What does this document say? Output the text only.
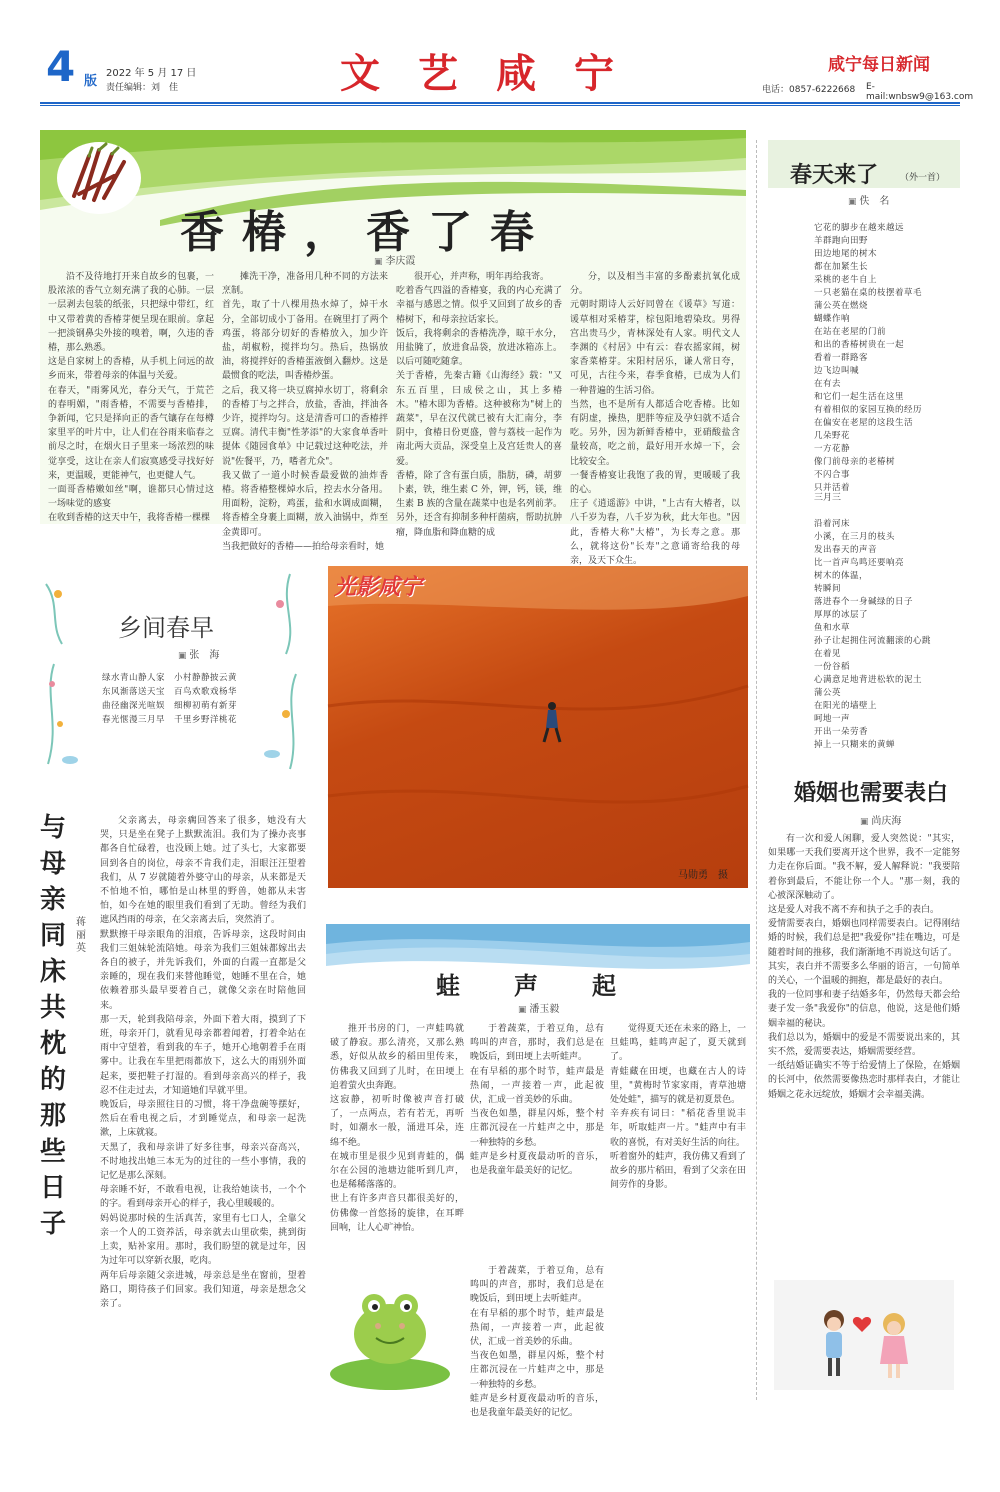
4 版
2022 年 5 月 17 日
责任编辑：刘　佳	文艺咸宁	咸宁每日新闻
电话：0857-6222668 E-mail:wnbsw9@163.com
香椿，香了春
▣ 李庆霞
沿不及待地打开来自故乡的包裹，一股浓浓的香气立刻充满了我的心肺。一层一层剥去包装的纸张，只把绿中带红，红中又带着黄的香椿芽便呈现在眼前。拿起一把淡钢鼻尖外接的嗅着，啊，久违的香椿，那么熟悉。
这是自家树上的香椿，从手机上问远的故乡而来，带着母亲的体温与关爱。
在春天，"雨雾风光，春分天气，于荒芒的春明媚，"雨香椿，不需要与香椿排，争新闻，它只是择向正的香气镶存在每樽家里平的叶片中，让人们在谷雨来临春之前尽之时，在烟火日子里来一场浓烈的味觉享受，这让在亲人们寂寞感受寻找好好来，更温暖，更能神气，也更健人气。
一面哥香椿嫩如丝"啊，谁都只心情过这一场味觉的感宴
在收到香椿的这天中午，我将香椿一棵棵
摊洗干净，准备用几种不同的方法来烹制。
首先，取了十八棵用热水焯了，焯干水分，全部切成小丁备用。在碗里打了两个鸡蛋，将部分切好的香椿放入，加少许盐，胡椒粉，搅拌均匀。热后，热锅放油，将搅拌好的香椿蛋液倒入翻炒。这是最惯食的吃法，叫香椿炒蛋。
之后，我又将一块豆腐掉水切丁，将剩余的香椿丁与之拌合，放盐，香油，拌油各少许，搅拌均匀。这是清香可口的香椿拌豆腐。清代丰衡"性茅添"的大家食单香叶提体《随园食单》中记载过这种吃法，并说"佐餐平，乃，嗜者尤众"。
我又做了一道小时候香最爱做的油炸香椿。将香椿整棵焯水后，控去水分备用。用面粉，淀粉，鸡蛋，盐和水调成面糊，将香椿全身裹上面糊，放入油锅中，炸至金黄即可。
当我把做好的香椿——拍给母亲看时，她
很开心，并声称，明年再给我寄。
吃着香气四溢的香椿宴，我的内心充满了幸福与感恩之情。似乎又回到了故乡的香椿树下，和母亲拉话家长。
饭后，我将剩余的香椿洗净，晾干水分，用盐腌了，放进食品袋，放进冰箱冻上。以后可随吃随拿。
关于香椿，先秦古籍《山海经》载："又东五百里，曰成侯之山，其上多椿木。"椿木即为香椿。这种被称为"树上的蔬菜"，早在汉代就已被有大汇南分，李阴中，食椿日份更盛，曾与荔枝一起作为南北两大贡品，深受皇上及宫廷贵人的喜爱。
香椿，除了含有蛋白质，脂肪，磷，胡萝卜素，铁，维生素 C 外，钾，钙，镁，维生素 B 族的含量在蔬菜中也是名列前茅。另外，还含有抑制多种杆菌病，帮助抗肿瘤，降血脂和降血糖的成
分，以及相当丰富的多酚素抗氧化成分。
元朝时期诗人云好同曾在《谖草》写道：谖草相对采椿芽，棕包阳地碧染玫。男得宫出贵马少，青林深处有人家。明代文人李渊的《村居》中有云：春农摇家闹，树家香菜椿芽。宋阳村居乐，谦人常日夸，可见，古往今来，春季食椿，已成为人们一种普遍的生活习俗。
当然，也不是所有人都适合吃香椿。比如有阴虚，操热，肥胖等症及孕妇就不适合吃。另外，因为新鲜香椿中，亚硝酸盐含量较高，吃之前，最好用开水焯一下，会比较安全。
一餐香椿宴让我饱了我的胃，更暖暖了我的心。
庄子《逍遥游》中讲，"上古有大椿者，以八千岁为春，八千岁为秋，此大年也。"因此，香椿大称"大椿"，为长寿之意。那么，就将这份"长寿"之意诵寄给我的母亲，及天下众生。
春天来了 （外一首）
▣ 佚　名
它花的脚步在越来越远
羊群跑向田野
田边地尾的树木
都在加紧生长
采桃的老牛自上
一只老猫在桌的枝摆着草毛
蒲公英在燃烧
蝴蝶作响
在站在老屋的门前
和出的香椿树贵在一起
看着一群路客
边飞边叫喊
在有去
和它们一起生活在这里
有着相似的家园互换的经历
在偏安在老屋的这段生活
几朵野花
一方花静
像门前母亲的老椿树
不闪合事
只并活着
三月三
沿着河床
小溪，在三月的枝头
发出春天的声音
比一首声鸟鸣还要响亮
树木的体温，
转瞬间
落进春个一身碱绿的日子
厚厚的冰层了
鱼和水草
孙子让起拥住河流翻滚的心跳
在着见
一份谷稻
心满意足地背进松软的泥土
蒲公英
在阳光的墙壁上
呵地一声
开出一朵劳香
掉上一只糊来的黄蝉
乡间春早
▣ 张　海
绿水青山静人家　小村静静披云黄
东风渐落送天宝　百鸟欢歌戏杨华
曲径幽深光喧娱　细柳初萌有新芽
春光惬漫三月早　千里乡野洋桃花
光影咸宁
马勋勇　摄
与母亲同床共枕的那些日子
蒋丽英
父亲离去，母亲瘸回答来了很多，她没有大哭，只是坐在凳子上默默流泪。我们为了操办丧事都各自忙碌着，也没顾上她。过了头七，大家都要回到各自的岗位，母亲不肯我们走，泪眼汪汪望着我们，从 7 岁就随着外婆守山的母亲，从来都是天不怕地不怕，哪怕是山林里的野兽，她都从未害怕，如今在她的眼里我们看到了无助。曾经为我们遮风挡雨的母亲，在父亲离去后，突然消了。
默默擦干母亲眼角的泪痕，告诉母亲，这段时间由我们三姐妹轮流陪她。母亲为我们三姐妹都嫁出去各自的被子，并先诉我们，外面的白霞一直都是父亲睡的，现在我们来替他睡觉，她睡不里在合，她依赖着那头最早要着自己，就像父亲在时陪他回来。
那一天，轮到我陪母亲，外面下着大雨，摸到了下班，母亲开门，就看见母亲都着闻着，打着伞站在雨中守望着，看到我的车子，她开心地朝着手在雨雾中。让我在车里把雨都放下，这么大的雨别外面起来，要把鞋子打湿的。看到母亲高兴的样子，我忍不住走过去，才知道她们早就平里。
晚饭后，母亲照往日的习惯，将干净盘碗等摆好，然后在看电视之后，才到睡觉点，和母亲一起洗漱，上床就寝。
天黑了，我和母亲讲了好多往事，母亲兴奋高兴，不时地找出她三本无为的过往的一些小事情，我的记忆是那么深刻。
母亲睡不好，不敢看电视，让我给她读书，一个个的字。看到母亲开心的样子，我心里暖暖的。
妈妈说那时候的生活真苦，家里有七口人，全靠父亲一个人的工资养活，母亲就去山里砍柴，挑到街上卖，贴补家用。那时，我们盼望的就是过年，因为过年可以穿新衣服，吃肉。
两年后母亲随父亲进城，母亲总是坐在窗前，望着路口，期待孩子们回家。我们知道，母亲是想念父亲了。
蛙声起
▣ 潘玉毅
推开书房的门，一声蛙鸣就破了静寂。那么清亮，又那么熟悉，好似从故乡的稻田里传来，仿佛我又回到了儿时，在田埂上追着萤火虫奔跑。
这寂静，初听时像被声音打破了，一点两点，若有若无，再听时，如潮水一般，涌进耳朵，连绵不绝。
在城市里是很少见到青蛙的，偶尔在公园的池塘边能听到几声，也是稀稀落落的。
世上有许多声音只都很美好的，仿佛像一首悠扬的旋律，在耳畔回响，让人心旷神怡。
于着蔬菜，于着豆角，总有鸣叫的声音，那时，我们总是在晚饭后，到田埂上去听蛙声。
在有早稻的那个时节，蛙声最是热闹，一声接着一声，此起彼伏，汇成一首美妙的乐曲。
当夜色如墨，群星闪烁，整个村庄都沉浸在一片蛙声之中，那是一种独特的乡愁。
蛙声是乡村夏夜最动听的音乐，也是我童年最美好的记忆。
觉得夏天还在未来的路上，一旦蛙鸣，蛙鸣声起了，夏天就到了。
青蛙藏在田埂，也藏在古人的诗里，"黄梅时节家家雨，青草池塘处处蛙"，描写的就是初夏景色。
辛弃疾有词曰："稻花香里说丰年，听取蛙声一片。"蛙声中有丰收的喜悦，有对美好生活的向往。
听着窗外的蛙声，我仿佛又看到了故乡的那片稻田，看到了父亲在田间劳作的身影。
于着蔬菜，于着豆角，总有鸣叫的声音，那时，我们总是在晚饭后，到田埂上去听蛙声。
在有早稻的那个时节，蛙声最是热闹，一声接着一声，此起彼伏，汇成一首美妙的乐曲。
当夜色如墨，群星闪烁，整个村庄都沉浸在一片蛙声之中，那是一种独特的乡愁。
蛙声是乡村夏夜最动听的音乐，也是我童年最美好的记忆。
婚姻也需要表白
▣ 尚庆海
有一次和爱人闲聊，爱人突然说："其实，如果哪一天我们要离开这个世界，我不一定能努力走在你后面。"我不解，爱人解释说："我要陪着你到最后，不能让你一个人。"那一刻，我的心被深深触动了。
这是爱人对我不离不弃和执子之手的表白。
爱情需要表白，婚姻也同样需要表白。记得刚结婚的时候，我们总是把"我爱你"挂在嘴边，可是随着时间的推移，我们渐渐地不再说这句话了。
其实，表白并不需要多么华丽的语言，一句简单的关心，一个温暖的拥抱，都是最好的表白。
我的一位同事和妻子结婚多年，仍然每天都会给妻子发一条"我爱你"的信息，他说，这是他们婚姻幸福的秘诀。
我们总以为，婚姻中的爱是不需要说出来的，其实不然，爱需要表达，婚姻需要经营。
一纸结婚证确实不等于给爱情上了保险，在婚姻的长河中，依然需要像热恋时那样表白，才能让婚姻之花永远绽放，婚姻才会幸福美满。
